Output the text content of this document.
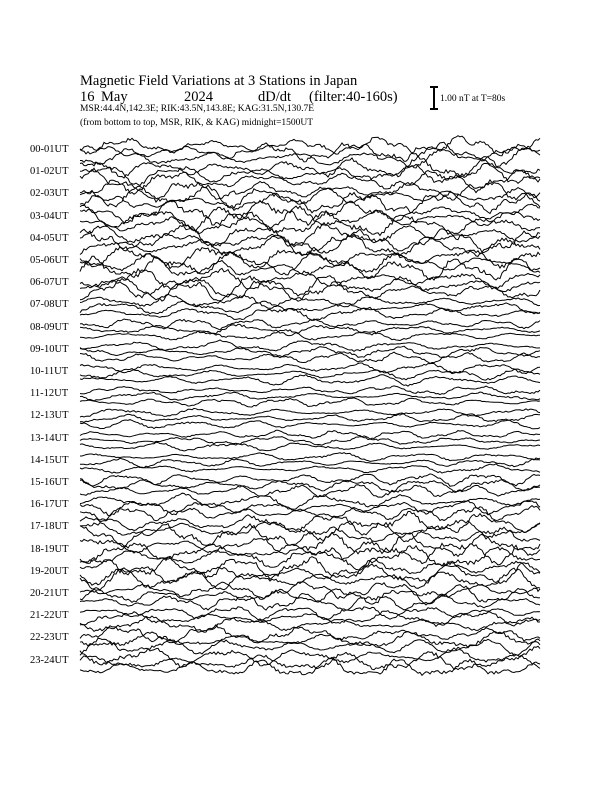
Magnetic Field Variations at 3 Stations in Japan
16 May	2024	dD/dt (filter:40-160s)
MSR:44.4N,142.3E; RIK:43.5N,143.8E; KAG:31.5N,130.7E
(from bottom to top, MSR, RIK, & KAG) midnight=1500UT
1.00 nT at T=80s
00-01UT
01-02UT
02-03UT
03-04UT
04-05UT
05-06UT
06-07UT
07-08UT
08-09UT
09-10UT
10-11UT
11-12UT
12-13UT
13-14UT
14-15UT
15-16UT
16-17UT
17-18UT
18-19UT
19-20UT
20-21UT
21-22UT
22-23UT
23-24UT
